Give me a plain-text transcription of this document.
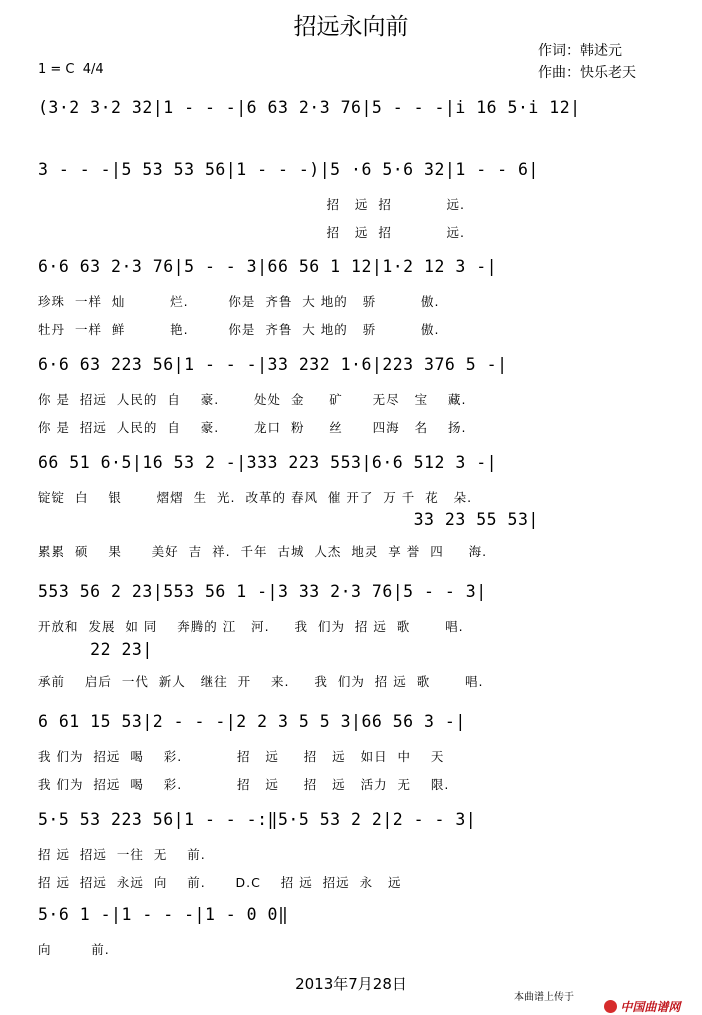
招远永向前
作词：韩述元
作曲：快乐老天
1 = C  4/4
(3·2 3·2 32|1 - - -|6 63 2·3 76|5 - - -|i 16 5·i 12|
3 - - -|5 53 53 56|1 - - -)|5 ·6 5·6 32|1 - - 6|
招   远  招           远.
招   远  招           远.
6·6 63 2·3 76|5 - - 3|66 56 1 12|1·2 12 3 -|
珍珠  一样  灿         烂.        你是  齐鲁  大 地的   骄         傲.
牡丹  一样  鲜         艳.        你是  齐鲁  大 地的   骄         傲.
6·6 63 223 56|1 - - -|33 232 1·6|223 376 5 -|
你 是  招远  人民的  自    豪.       处处  金     矿      无尽   宝    藏.
你 是  招远  人民的  自    豪.       龙口  粉     丝      四海   名    扬.
66 51 6·5|16 53 2 -|333 223 553|6·6 512 3 -|
锭锭  白    银       熠熠  生  光.  改革的 春风  催 开了  万 千  花   朵.

33 23 55 53|
累累  硕    果      美好  吉  祥.  千年  古城  人杰  地灵  享 誉  四     海.
553 56 2 23|553 56 1 -|3 33 2·3 76|5 - - 3|
开放和  发展  如 同    奔腾的 江   河.     我  们为  招 远  歌       唱.
22 23|
承前    启后  一代  新人   继往  开    来.     我  们为  招 远  歌       唱.
6 61 15 53|2 - - -|2 2 3 5 5 3|66 56 3 -|
我 们为  招远  喝    彩.           招   远     招   远   如日  中    天
我 们为  招远  喝    彩.           招   远     招   远   活力  无    限.
5·5 53 223 56|1 - - -:‖5·5 53 2 2|2 - - 3|
招 远  招远  一往  无    前.
招 远  招远  永远  向    前.      D.C    招 远  招远  永   远
5·6 1 -|1 - - -|1 - 0 0‖
向        前.
2013年7月28日
本曲谱上传于

中国曲谱网
